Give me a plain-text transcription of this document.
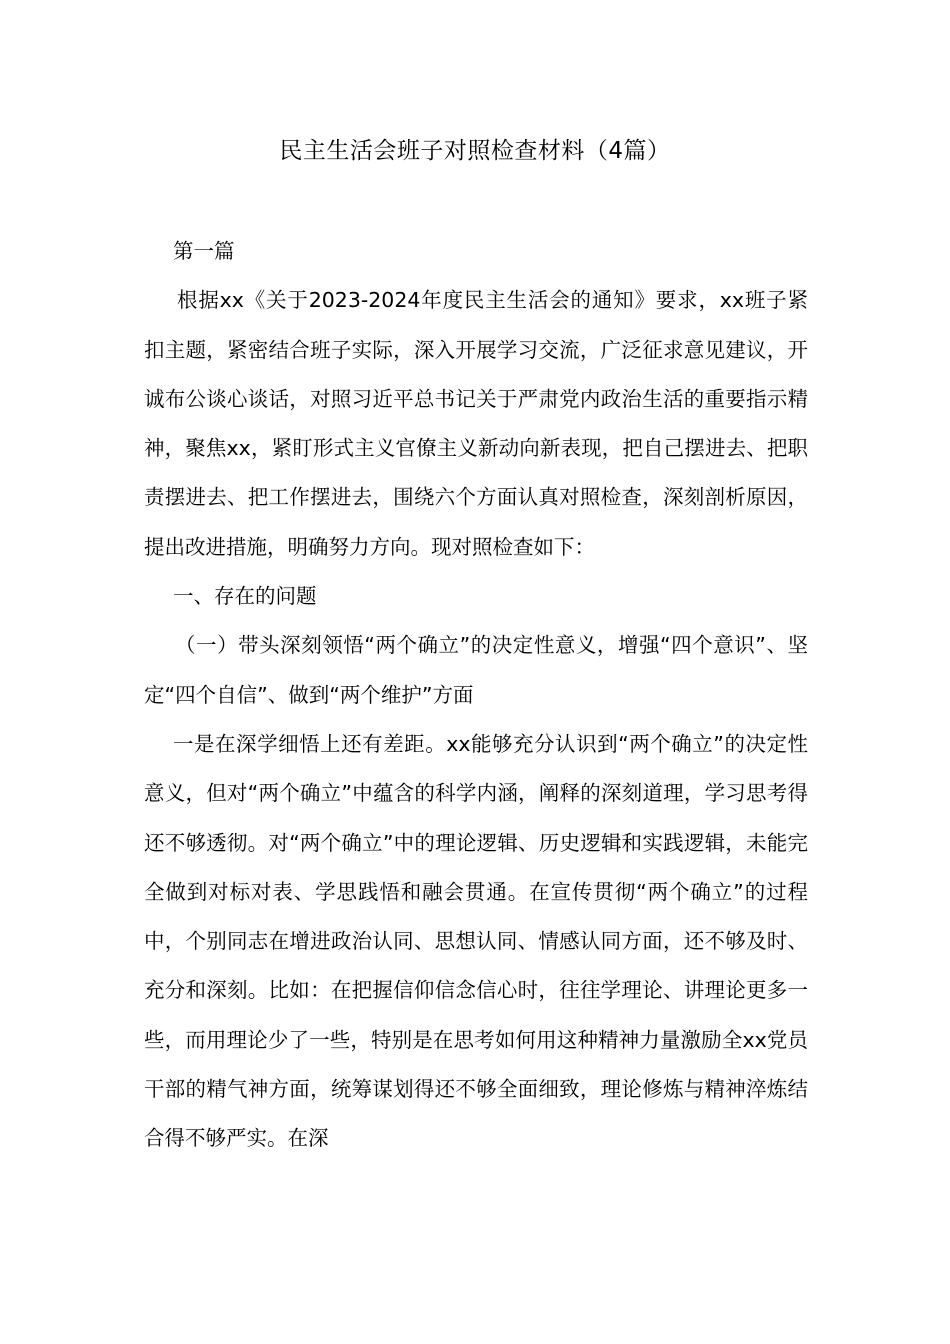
民主生活会班子对照检查材料（4篇）

第一篇

根据xx《关于2023-2024年度民主生活会的通知》要求，xx班子紧扣主题，紧密结合班子实际，深入开展学习交流，广泛征求意见建议，开诚布公谈心谈话，对照习近平总书记关于严肃党内政治生活的重要指示精神，聚焦xx，紧盯形式主义官僚主义新动向新表现，把自己摆进去、把职责摆进去、把工作摆进去，围绕六个方面认真对照检查，深刻剖析原因，提出改进措施，明确努力方向。现对照检查如下：

一、存在的问题

（一）带头深刻领悟“两个确立”的决定性意义，增强“四个意识”、坚定“四个自信”、做到“两个维护”方面

一是在深学细悟上还有差距。xx能够充分认识到“两个确立”的决定性意义，但对“两个确立”中蕴含的科学内涵，阐释的深刻道理，学习思考得还不够透彻。对“两个确立”中的理论逻辑、历史逻辑和实践逻辑，未能完全做到对标对表、学思践悟和融会贯通。在宣传贯彻“两个确立”的过程中，个别同志在增进政治认同、思想认同、情感认同方面，还不够及时、充分和深刻。比如：在把握信仰信念信心时，往往学理论、讲理论更多一些，而用理论少了一些，特别是在思考如何用这种精神力量激励全xx党员干部的精气神方面，统筹谋划得还不够全面细致，理论修炼与精神淬炼结合得不够严实。在深
